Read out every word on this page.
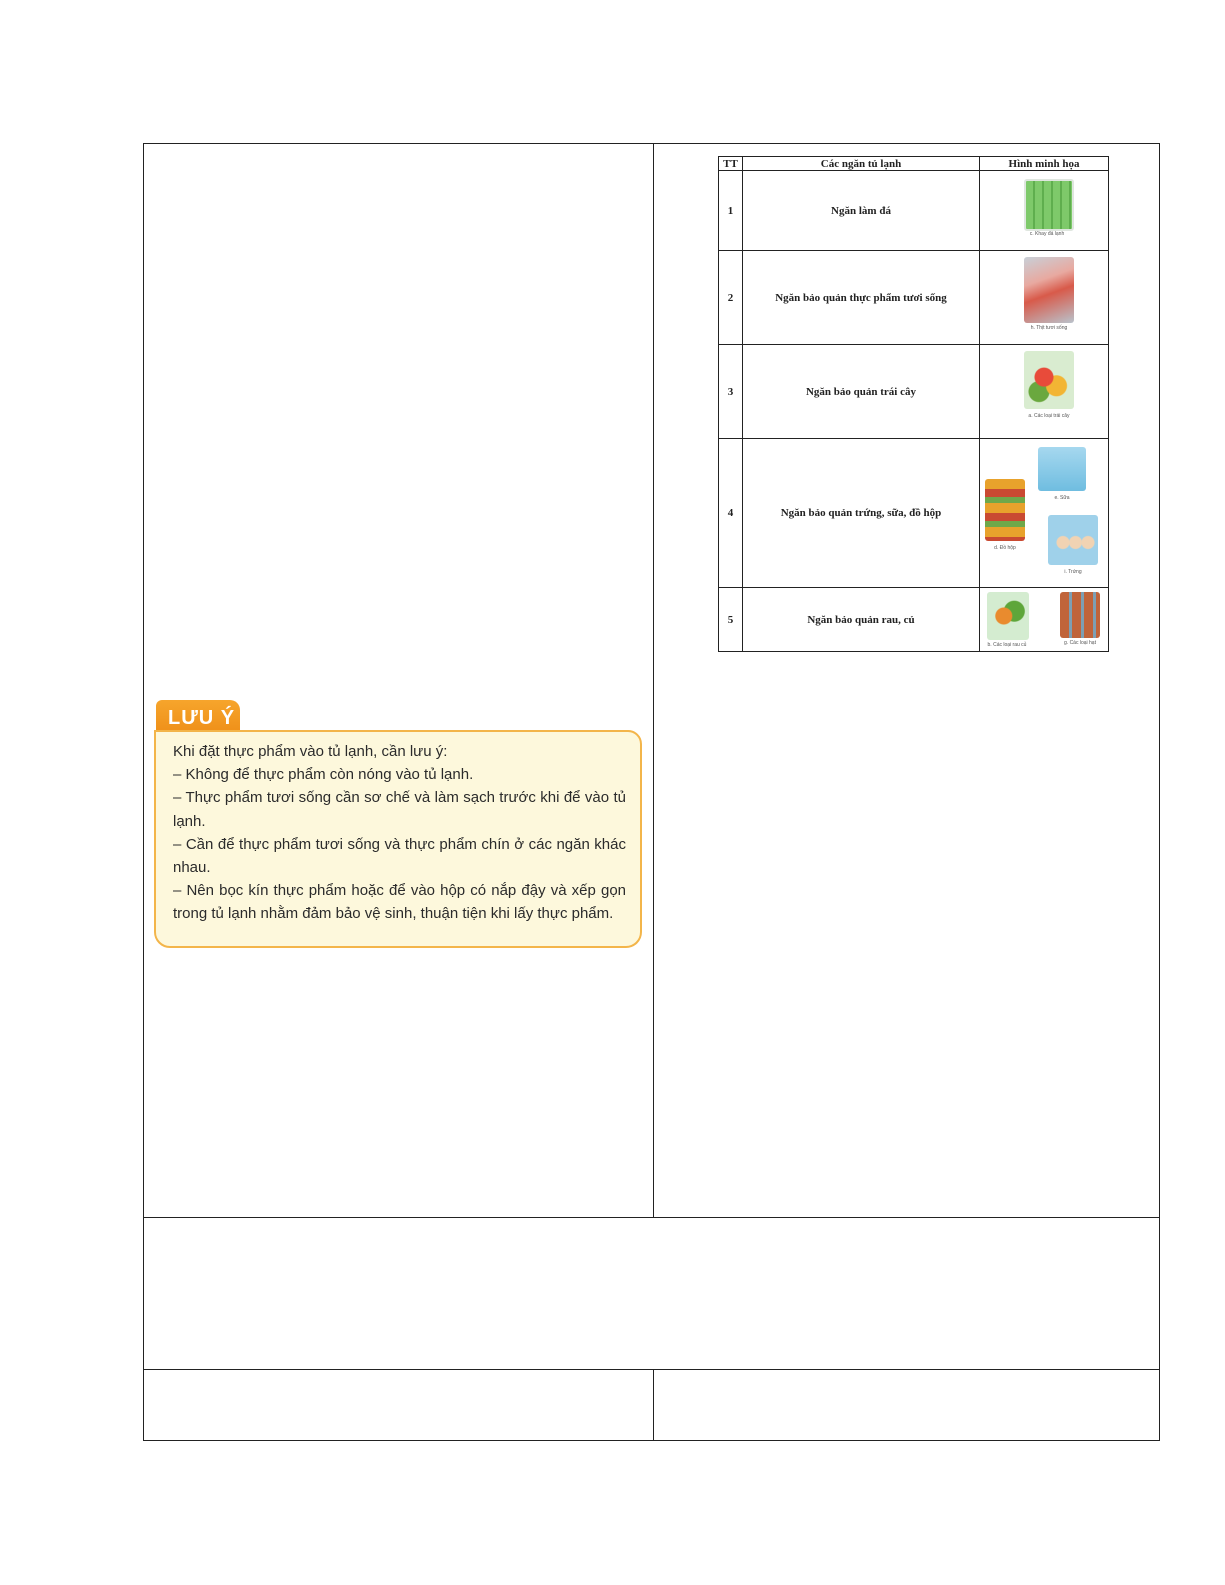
TT	Các ngăn tủ lạnh	Hình minh họa
1	Ngăn làm đá	c. Khay đá lạnh

2	Ngăn bảo quản thực phẩm tươi sống	h. Thịt tươi sống

3	Ngăn bảo quản trái cây	a. Các loại trái cây

4	Ngăn bảo quản trứng, sữa, đồ hộp	e. Sữa
d. Đồ hộp
i. Trứng

5	Ngăn bảo quản rau, củ	b. Các loại rau củ g. Các loại hạt
LƯU Ý

Khi đặt thực phẩm vào tủ lạnh, cần lưu ý:

– Không để thực phẩm còn nóng vào tủ lạnh.

– Thực phẩm tươi sống cần sơ chế và làm sạch trước khi để vào tủ lạnh.

– Cần để thực phẩm tươi sống và thực phẩm chín ở các ngăn khác nhau.

– Nên bọc kín thực phẩm hoặc để vào hộp có nắp đậy và xếp gọn trong tủ lạnh nhằm đảm bảo vệ sinh, thuận tiện khi lấy thực phẩm.
